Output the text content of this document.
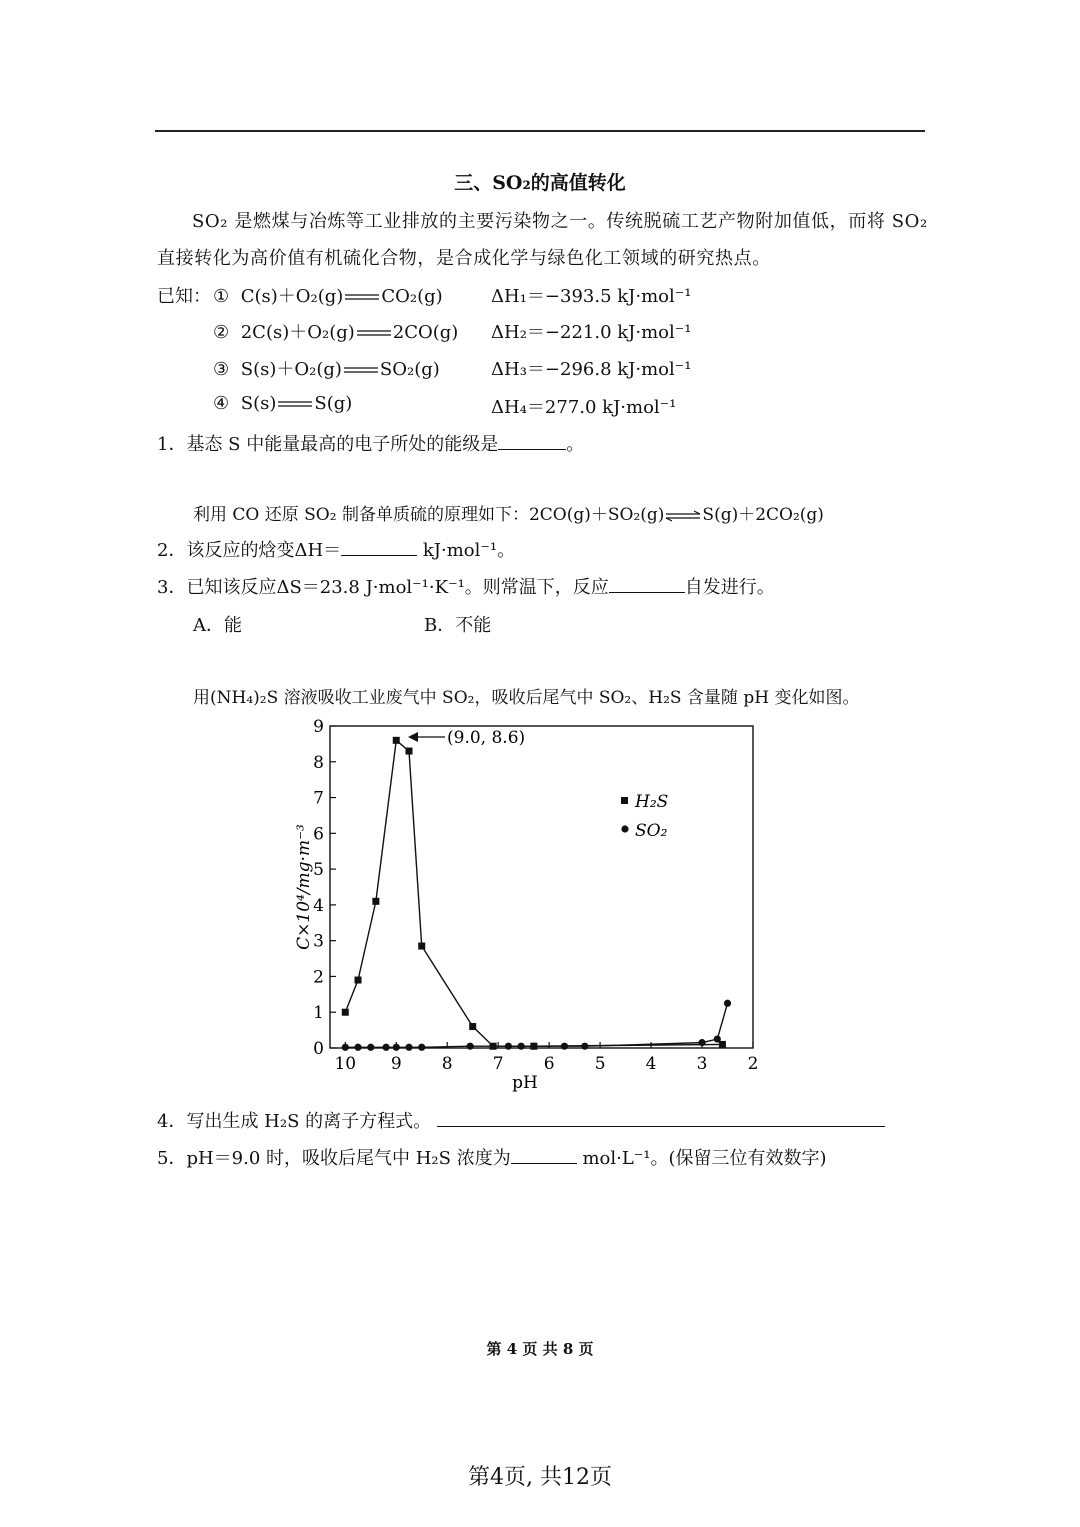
三、SO₂的高值转化
SO₂ 是燃煤与冶炼等工业排放的主要污染物之一。传统脱硫工艺产物附加值低，而将 SO₂
直接转化为高价值有机硫化合物，是合成化学与绿色化工领域的研究热点。
已知： ① C(s)＋O₂(g) CO₂(g)	ΔH₁＝−393.5 kJ·mol⁻¹
② 2C(s)＋O₂(g) 2CO(g) ΔH₂＝−221.0 kJ·mol⁻¹
③ S(s)＋O₂(g) SO₂(g)	ΔH₃＝−296.8 kJ·mol⁻¹
④ S(s) S(g)	ΔH₄＝277.0 kJ·mol⁻¹
1．基态 S 中能量最高的电子所处的能级是	。
利用 CO 还原 SO₂ 制备单质硫的原理如下：2CO(g)＋SO₂(g) S(g)＋2CO₂(g)
2．该反应的焓变ΔH＝	kJ·mol⁻¹。
3．已知该反应ΔS＝23.8 J·mol⁻¹·K⁻¹。则常温下，反应	自发进行。
A．能	B．不能
用(NH₄)₂S 溶液吸收工业废气中 SO₂，吸收后尾气中 SO₂、H₂S 含量随 pH 变化如图。
0
1
2
3
4
5
6
7
8
9
10 9 8 7 6 5 4 3 2
pH
C×10⁴/mg·m⁻³
(9.0, 8.6)
H₂S
SO₂
4．写出生成 H₂S 的离子方程式。
5．pH＝9.0 时，吸收后尾气中 H₂S 浓度为	mol·L⁻¹。(保留三位有效数字)
第 4 页 共 8 页
第4页, 共12页
